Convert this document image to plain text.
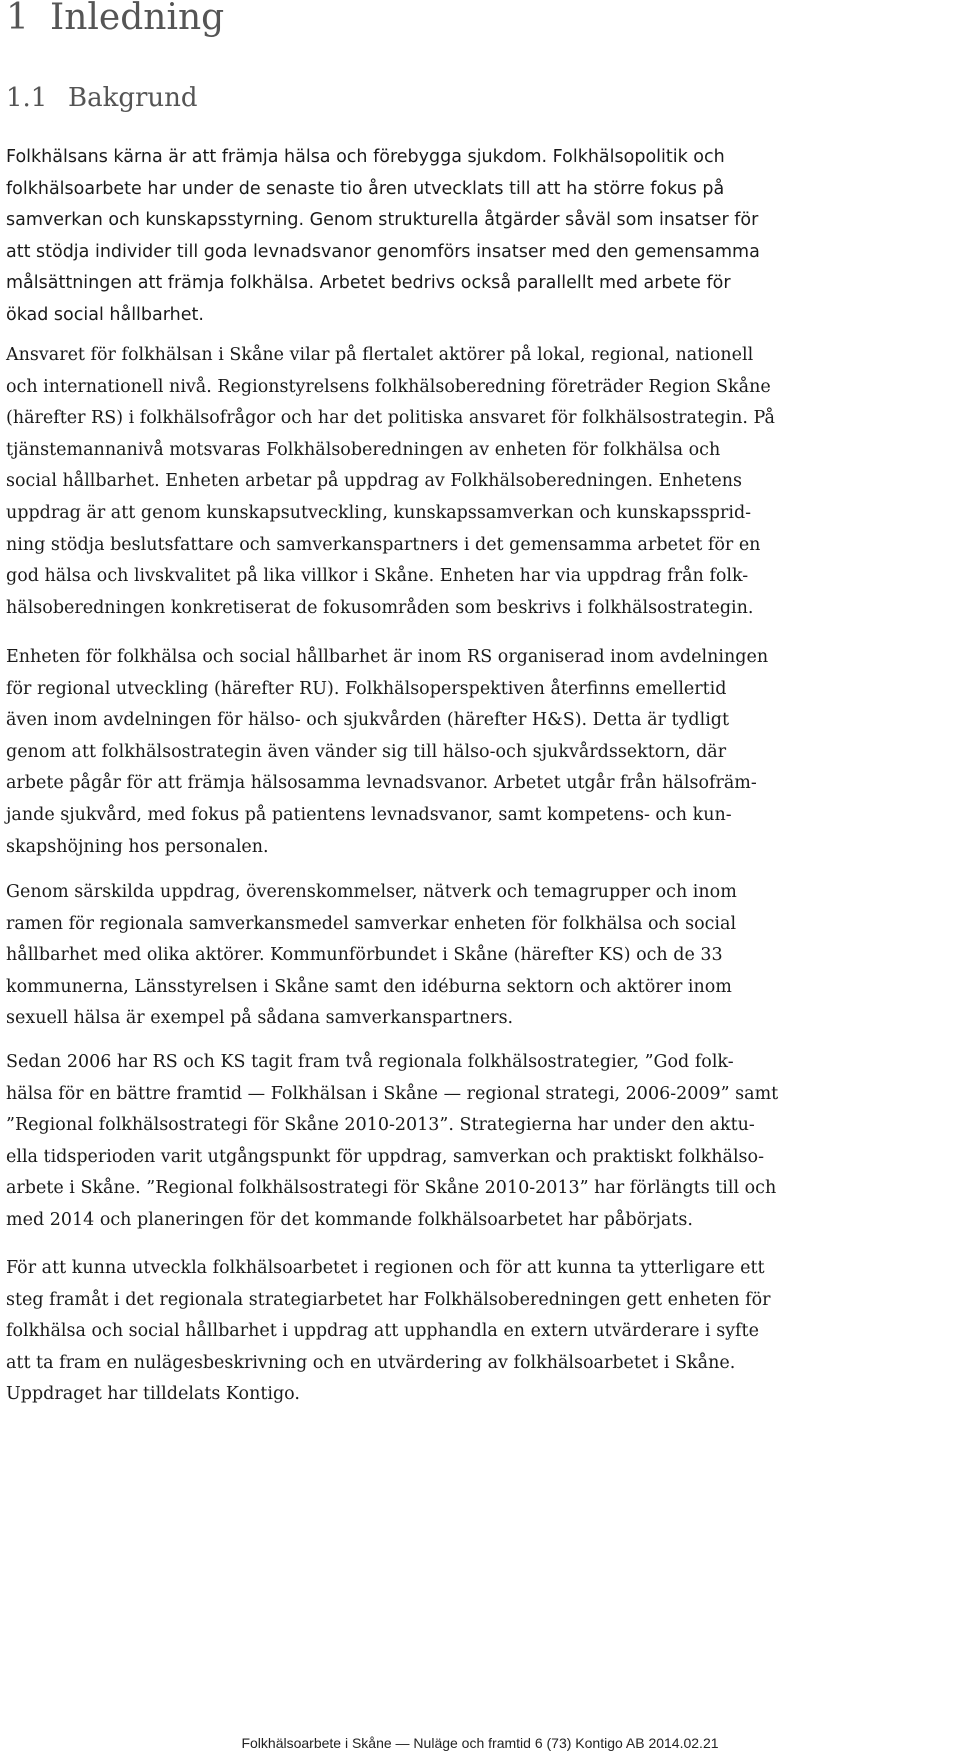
1 Inledning
1.1 Bakgrund
Folkhälsans kärna är att främja hälsa och förebygga sjukdom. Folkhälsopolitik och
folkhälsoarbete har under de senaste tio åren utvecklats till att ha större fokus på
samverkan och kunskapsstyrning. Genom strukturella åtgärder såväl som insatser för
att stödja individer till goda levnadsvanor genomförs insatser med den gemensamma
målsättningen att främja folkhälsa. Arbetet bedrivs också parallellt med arbete för
ökad social hållbarhet.
Ansvaret för folkhälsan i Skåne vilar på flertalet aktörer på lokal, regional, nationell
och internationell nivå. Regionstyrelsens folkhälsoberedning företräder Region Skåne
(härefter RS) i folkhälsofrågor och har det politiska ansvaret för folkhälsostrategin. På
tjänstemannanivå motsvaras Folkhälsoberedningen av enheten för folkhälsa och
social hållbarhet. Enheten arbetar på uppdrag av Folkhälsoberedningen. Enhetens
uppdrag är att genom kunskapsutveckling, kunskapssamverkan och kunskapssprid-
ning stödja beslutsfattare och samverkanspartners i det gemensamma arbetet för en
god hälsa och livskvalitet på lika villkor i Skåne. Enheten har via uppdrag från folk-
hälsoberedningen konkretiserat de fokusområden som beskrivs i folkhälsostrategin.
Enheten för folkhälsa och social hållbarhet är inom RS organiserad inom avdelningen
för regional utveckling (härefter RU). Folkhälsoperspektiven återfinns emellertid
även inom avdelningen för hälso- och sjukvården (härefter H&S). Detta är tydligt
genom att folkhälsostrategin även vänder sig till hälso-och sjukvårdssektorn, där
arbete pågår för att främja hälsosamma levnadsvanor. Arbetet utgår från hälsofräm-
jande sjukvård, med fokus på patientens levnadsvanor, samt kompetens- och kun-
skapshöjning hos personalen.
Genom särskilda uppdrag, överenskommelser, nätverk och temagrupper och inom
ramen för regionala samverkansmedel samverkar enheten för folkhälsa och social
hållbarhet med olika aktörer. Kommunförbundet i Skåne (härefter KS) och de 33
kommunerna, Länsstyrelsen i Skåne samt den idéburna sektorn och aktörer inom
sexuell hälsa är exempel på sådana samverkanspartners.
Sedan 2006 har RS och KS tagit fram två regionala folkhälsostrategier, ”God folk-
hälsa för en bättre framtid — Folkhälsan i Skåne — regional strategi, 2006-2009” samt
”Regional folkhälsostrategi för Skåne 2010-2013”. Strategierna har under den aktu-
ella tidsperioden varit utgångspunkt för uppdrag, samverkan och praktiskt folkhälso-
arbete i Skåne. ”Regional folkhälsostrategi för Skåne 2010-2013” har förlängts till och
med 2014 och planeringen för det kommande folkhälsoarbetet har påbörjats.
För att kunna utveckla folkhälsoarbetet i regionen och för att kunna ta ytterligare ett
steg framåt i det regionala strategiarbetet har Folkhälsoberedningen gett enheten för
folkhälsa och social hållbarhet i uppdrag att upphandla en extern utvärderare i syfte
att ta fram en nulägesbeskrivning och en utvärdering av folkhälsoarbetet i Skåne.
Uppdraget har tilldelats Kontigo.
Folkhälsoarbete i Skåne — Nuläge och framtid 6 (73) Kontigo AB 2014.02.21
